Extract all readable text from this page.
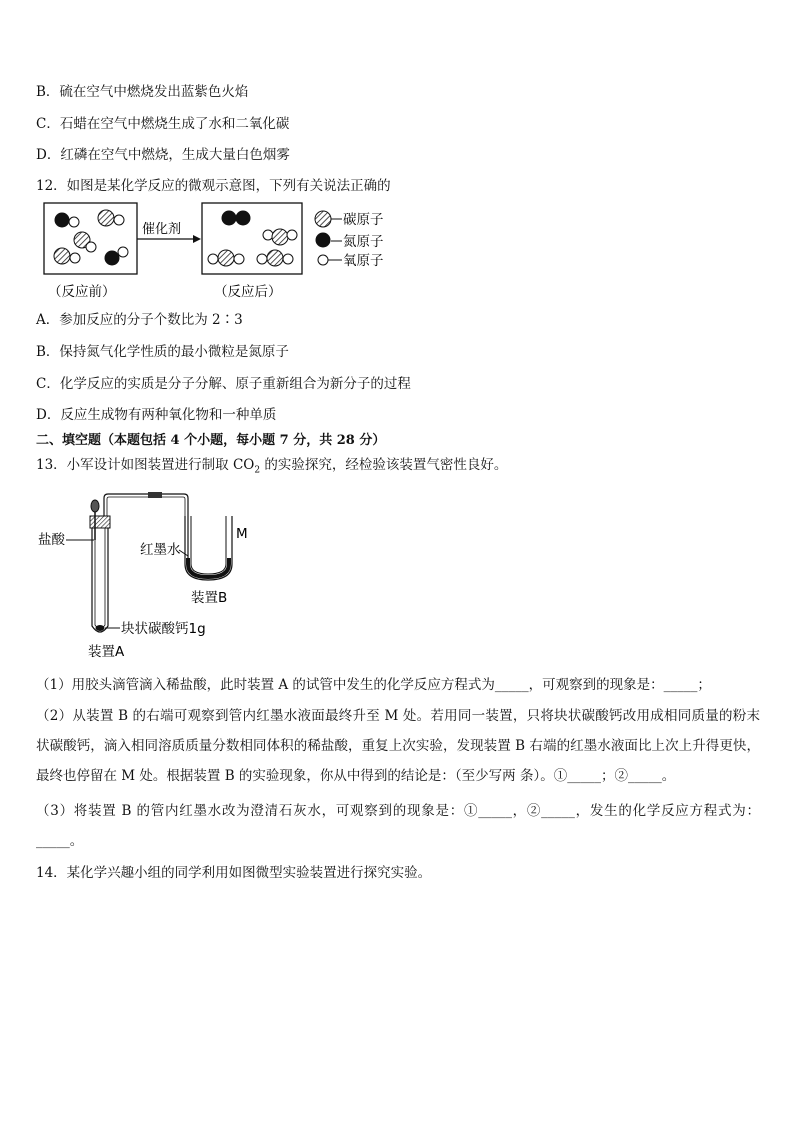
B．硫在空气中燃烧发出蓝紫色火焰
C．石蜡在空气中燃烧生成了水和二氧化碳
D．红磷在空气中燃烧，生成大量白色烟雾
12．如图是某化学反应的微观示意图，下列有关说法正确的
催化剂
碳原子
氮原子
氧原子
（反应前）	（反应后）
A．参加反应的分子个数比为 2∶3
B．保持氮气化学性质的最小微粒是氮原子
C．化学反应的实质是分子分解、原子重新组合为新分子的过程
D．反应生成物有两种氧化物和一种单质
二、填空题（本题包括 4 个小题，每小题 7 分，共 28 分）
13．小军设计如图装置进行制取 $CO_2$ 的实验探究，经检验该装置气密性良好。
盐酸
红墨水
M
装置B
块状碳酸钙1g
装置A
（1）用胶头滴管滴入稀盐酸，此时装置 A 的试管中发生的化学反应方程式为_____，可观察到的现象是：_____；
（2）从装置 B 的右端可观察到管内红墨水液面最终升至 M 处。若用同一装置，只将块状碳酸钙改用成相同质量的粉末状碳酸钙，滴入相同溶质质量分数相同体积的稀盐酸，重复上次实验，发现装置 B 右端的红墨水液面比上次上升得更快，最终也停留在 M 处。根据装置 B 的实验现象，你从中得到的结论是：（至少写两 条）。①_____；②_____。
（3）将装置 B 的管内红墨水改为澄清石灰水，可观察到的现象是：①_____，②_____，发生的化学反应方程式为：_____。
14．某化学兴趣小组的同学利用如图微型实验装置进行探究实验。
